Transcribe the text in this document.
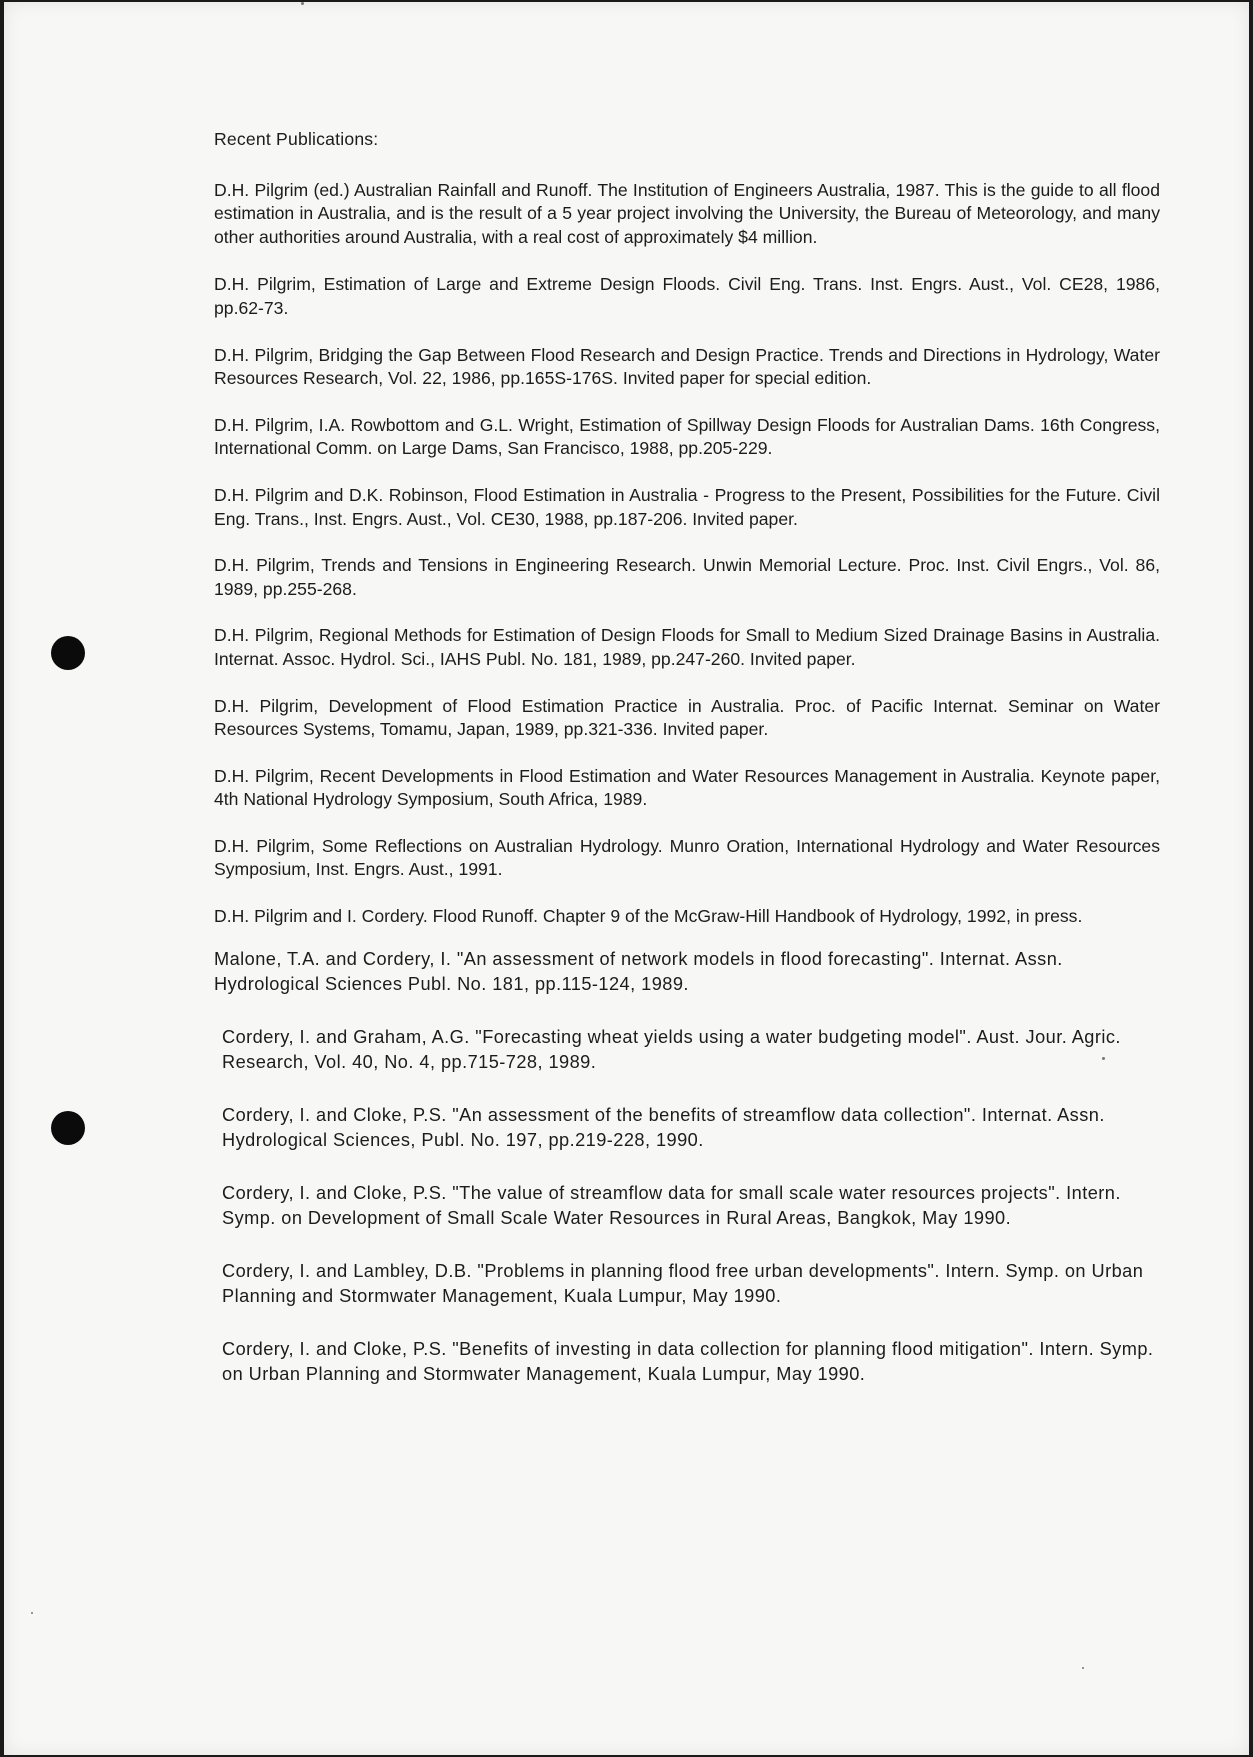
Recent Publications:

D.H. Pilgrim (ed.) Australian Rainfall and Runoff. The Institution of Engineers Australia, 1987. This is the guide to all flood estimation in Australia, and is the result of a 5 year project involving the University, the Bureau of Meteorology, and many other authorities around Australia, with a real cost of approximately $4 million.

D.H. Pilgrim, Estimation of Large and Extreme Design Floods. Civil Eng. Trans. Inst. Engrs. Aust., Vol. CE28, 1986, pp.62-73.

D.H. Pilgrim, Bridging the Gap Between Flood Research and Design Practice. Trends and Directions in Hydrology, Water Resources Research, Vol. 22, 1986, pp.165S-176S. Invited paper for special edition.

D.H. Pilgrim, I.A. Rowbottom and G.L. Wright, Estimation of Spillway Design Floods for Australian Dams. 16th Congress, International Comm. on Large Dams, San Francisco, 1988, pp.205-229.

D.H. Pilgrim and D.K. Robinson, Flood Estimation in Australia - Progress to the Present, Possibilities for the Future. Civil Eng. Trans., Inst. Engrs. Aust., Vol. CE30, 1988, pp.187-206. Invited paper.

D.H. Pilgrim, Trends and Tensions in Engineering Research. Unwin Memorial Lecture. Proc. Inst. Civil Engrs., Vol. 86, 1989, pp.255-268.

D.H. Pilgrim, Regional Methods for Estimation of Design Floods for Small to Medium Sized Drainage Basins in Australia. Internat. Assoc. Hydrol. Sci., IAHS Publ. No. 181, 1989, pp.247-260. Invited paper.

D.H. Pilgrim, Development of Flood Estimation Practice in Australia. Proc. of Pacific Internat. Seminar on Water Resources Systems, Tomamu, Japan, 1989, pp.321-336. Invited paper.

D.H. Pilgrim, Recent Developments in Flood Estimation and Water Resources Management in Australia. Keynote paper, 4th National Hydrology Symposium, South Africa, 1989.

D.H. Pilgrim, Some Reflections on Australian Hydrology. Munro Oration, International Hydrology and Water Resources Symposium, Inst. Engrs. Aust., 1991.

D.H. Pilgrim and I. Cordery. Flood Runoff. Chapter 9 of the McGraw-Hill Handbook of Hydrology, 1992, in press.

Malone, T.A. and Cordery, I. "An assessment of network models in flood forecasting". Internat. Assn. Hydrological Sciences Publ. No. 181, pp.115-124, 1989.

Cordery, I. and Graham, A.G. "Forecasting wheat yields using a water budgeting model". Aust. Jour. Agric. Research, Vol. 40, No. 4, pp.715-728, 1989.

Cordery, I. and Cloke, P.S. "An assessment of the benefits of streamflow data collection". Internat. Assn. Hydrological Sciences, Publ. No. 197, pp.219-228, 1990.

Cordery, I. and Cloke, P.S. "The value of streamflow data for small scale water resources projects". Intern. Symp. on Development of Small Scale Water Resources in Rural Areas, Bangkok, May 1990.

Cordery, I. and Lambley, D.B. "Problems in planning flood free urban developments". Intern. Symp. on Urban Planning and Stormwater Management, Kuala Lumpur, May 1990.

Cordery, I. and Cloke, P.S. "Benefits of investing in data collection for planning flood mitigation". Intern. Symp. on Urban Planning and Stormwater Management, Kuala Lumpur, May 1990.
